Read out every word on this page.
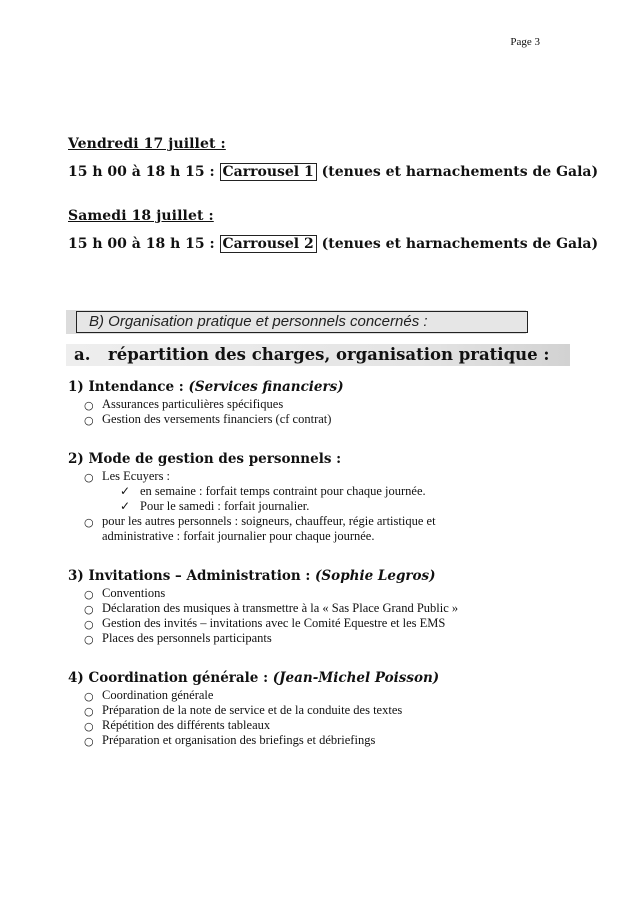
Page 3
Vendredi 17 juillet :
15 h 00 à 18 h 15 : Carrousel 1 (tenues et harnachements de Gala)
Samedi 18 juillet :
15 h 00 à 18 h 15 : Carrousel 2 (tenues et harnachements de Gala)
B) Organisation pratique et personnels concernés :
a. répartition des charges, organisation pratique :
1) Intendance : (Services financiers)
○ Assurances particulières spécifiques
○ Gestion des versements financiers (cf contrat)
2) Mode de gestion des personnels :
○ Les Ecuyers :
✓ en semaine : forfait temps contraint pour chaque journée.
✓ Pour le samedi : forfait journalier.
○ pour les autres personnels : soigneurs, chauffeur, régie artistique et
administrative : forfait journalier pour chaque journée.
3) Invitations – Administration : (Sophie Legros)
○ Conventions
○ Déclaration des musiques à transmettre à la « Sas Place Grand Public »
○ Gestion des invités – invitations avec le Comité Equestre et les EMS
○ Places des personnels participants
4) Coordination générale : (Jean-Michel Poisson)
○ Coordination générale
○ Préparation de la note de service et de la conduite des textes
○ Répétition des différents tableaux
○ Préparation et organisation des briefings et débriefings
